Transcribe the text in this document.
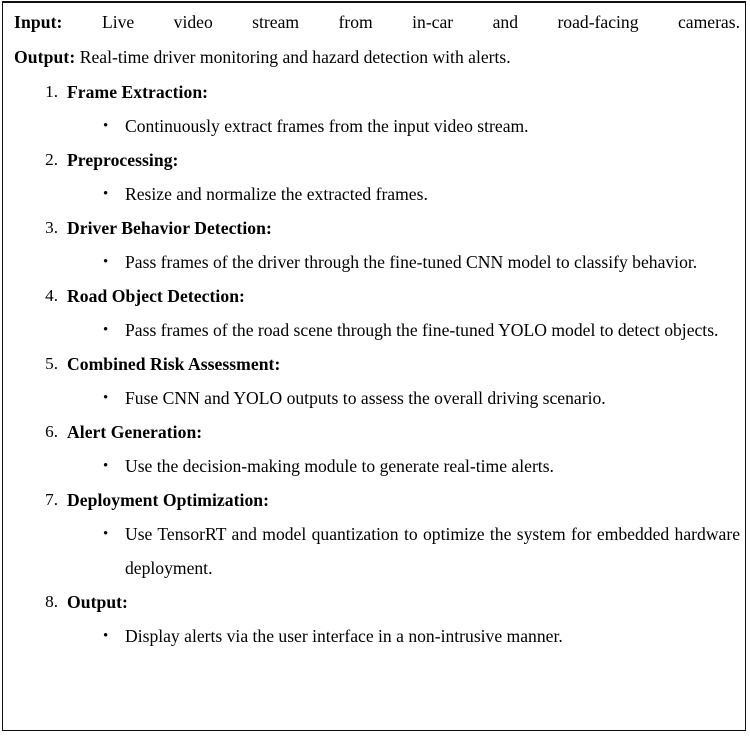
Input: Live video stream from in-car and road-facing cameras.

Output: Real-time driver monitoring and hazard detection with alerts.

1. Frame Extraction:
• Continuously extract frames from the input video stream.
2. Preprocessing:
• Resize and normalize the extracted frames.
3. Driver Behavior Detection:
• Pass frames of the driver through the fine-tuned CNN model to classify behavior.
4. Road Object Detection:
• Pass frames of the road scene through the fine-tuned YOLO model to detect objects.
5. Combined Risk Assessment:
• Fuse CNN and YOLO outputs to assess the overall driving scenario.
6. Alert Generation:
• Use the decision-making module to generate real-time alerts.
7. Deployment Optimization:
• Use TensorRT and model quantization to optimize the system for embedded hardware deployment.
8. Output:
• Display alerts via the user interface in a non-intrusive manner.
